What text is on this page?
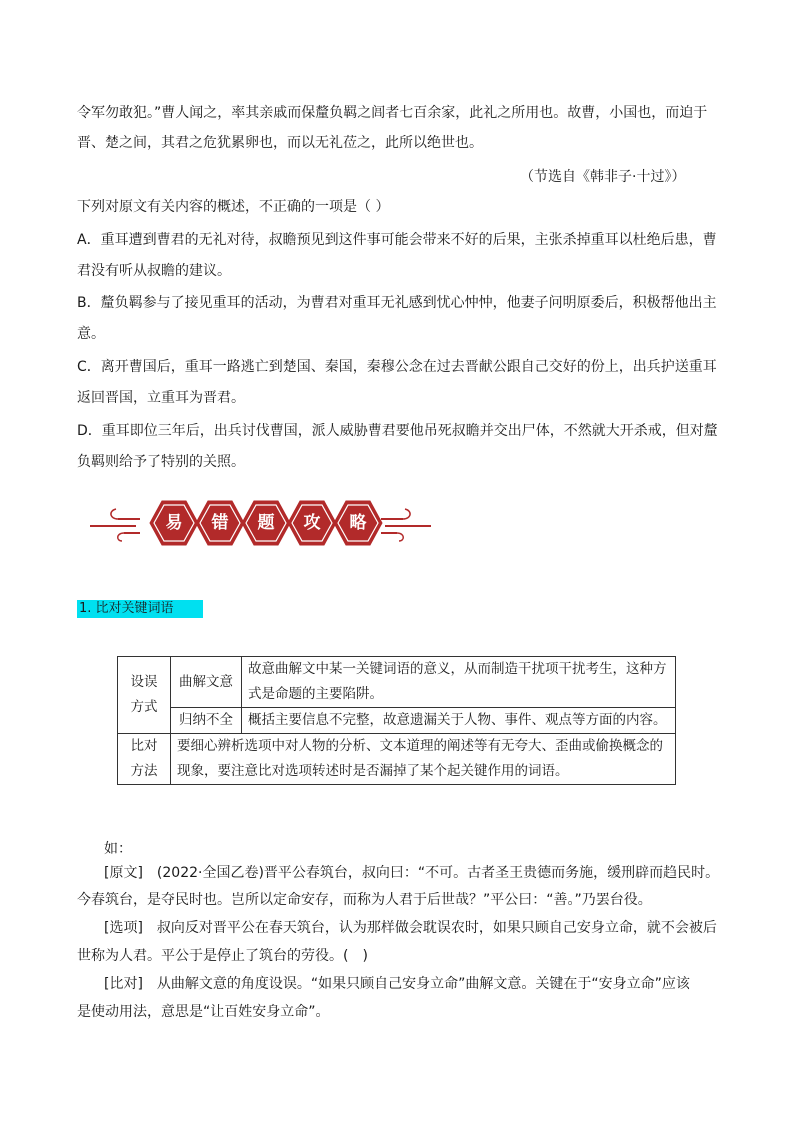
令军勿敢犯。”曹人闻之，率其亲戚而保釐负羁之闾者七百余家，此礼之所用也。故曹，小国也，而迫于
晋、楚之间，其君之危犹累卵也，而以无礼莅之，此所以绝世也。
（节选自《韩非子·十过》）
下列对原文有关内容的概述，不正确的一项是（ ）
A．重耳遭到曹君的无礼对待，叔瞻预见到这件事可能会带来不好的后果，主张杀掉重耳以杜绝后患，曹
君没有听从叔瞻的建议。
B．釐负羁参与了接见重耳的活动，为曹君对重耳无礼感到忧心忡忡，他妻子问明原委后，积极帮他出主
意。
C．离开曹国后，重耳一路逃亡到楚国、秦国，秦穆公念在过去晋献公跟自己交好的份上，出兵护送重耳
返回晋国，立重耳为晋君。
D．重耳即位三年后，出兵讨伐曹国，派人威胁曹君要他吊死叔瞻并交出尸体，不然就大开杀戒，但对釐
负羁则给予了特别的关照。
易	错	题	攻	略
1. 比对关键词语
设误方式	曲解文意	故意曲解文中某一关键词语的意义，从而制造干扰项干扰考生，这种方式是命题的主要陷阱。
	归纳不全	概括主要信息不完整，故意遗漏关于人物、事件、观点等方面的内容。
比对方法	要细心辨析选项中对人物的分析、文本道理的阐述等有无夸大、歪曲或偷换概念的现象，要注意比对选项转述时是否漏掉了某个起关键作用的词语。	
如：
[原文]　(2022·全国乙卷)晋平公春筑台，叔向曰：“不可。古者圣王贵德而务施，缓刑辟而趋民时。
今春筑台，是夺民时也。岂所以定命安存，而称为人君于后世哉？”平公曰：“善。”乃罢台役。
[选项]　叔向反对晋平公在春天筑台，认为那样做会耽误农时，如果只顾自己安身立命，就不会被后
世称为人君。平公于是停止了筑台的劳役。(　)
[比对]　从曲解文意的角度设误。“如果只顾自己安身立命”曲解文意。关键在于“安身立命”应该
是使动用法，意思是“让百姓安身立命”。
